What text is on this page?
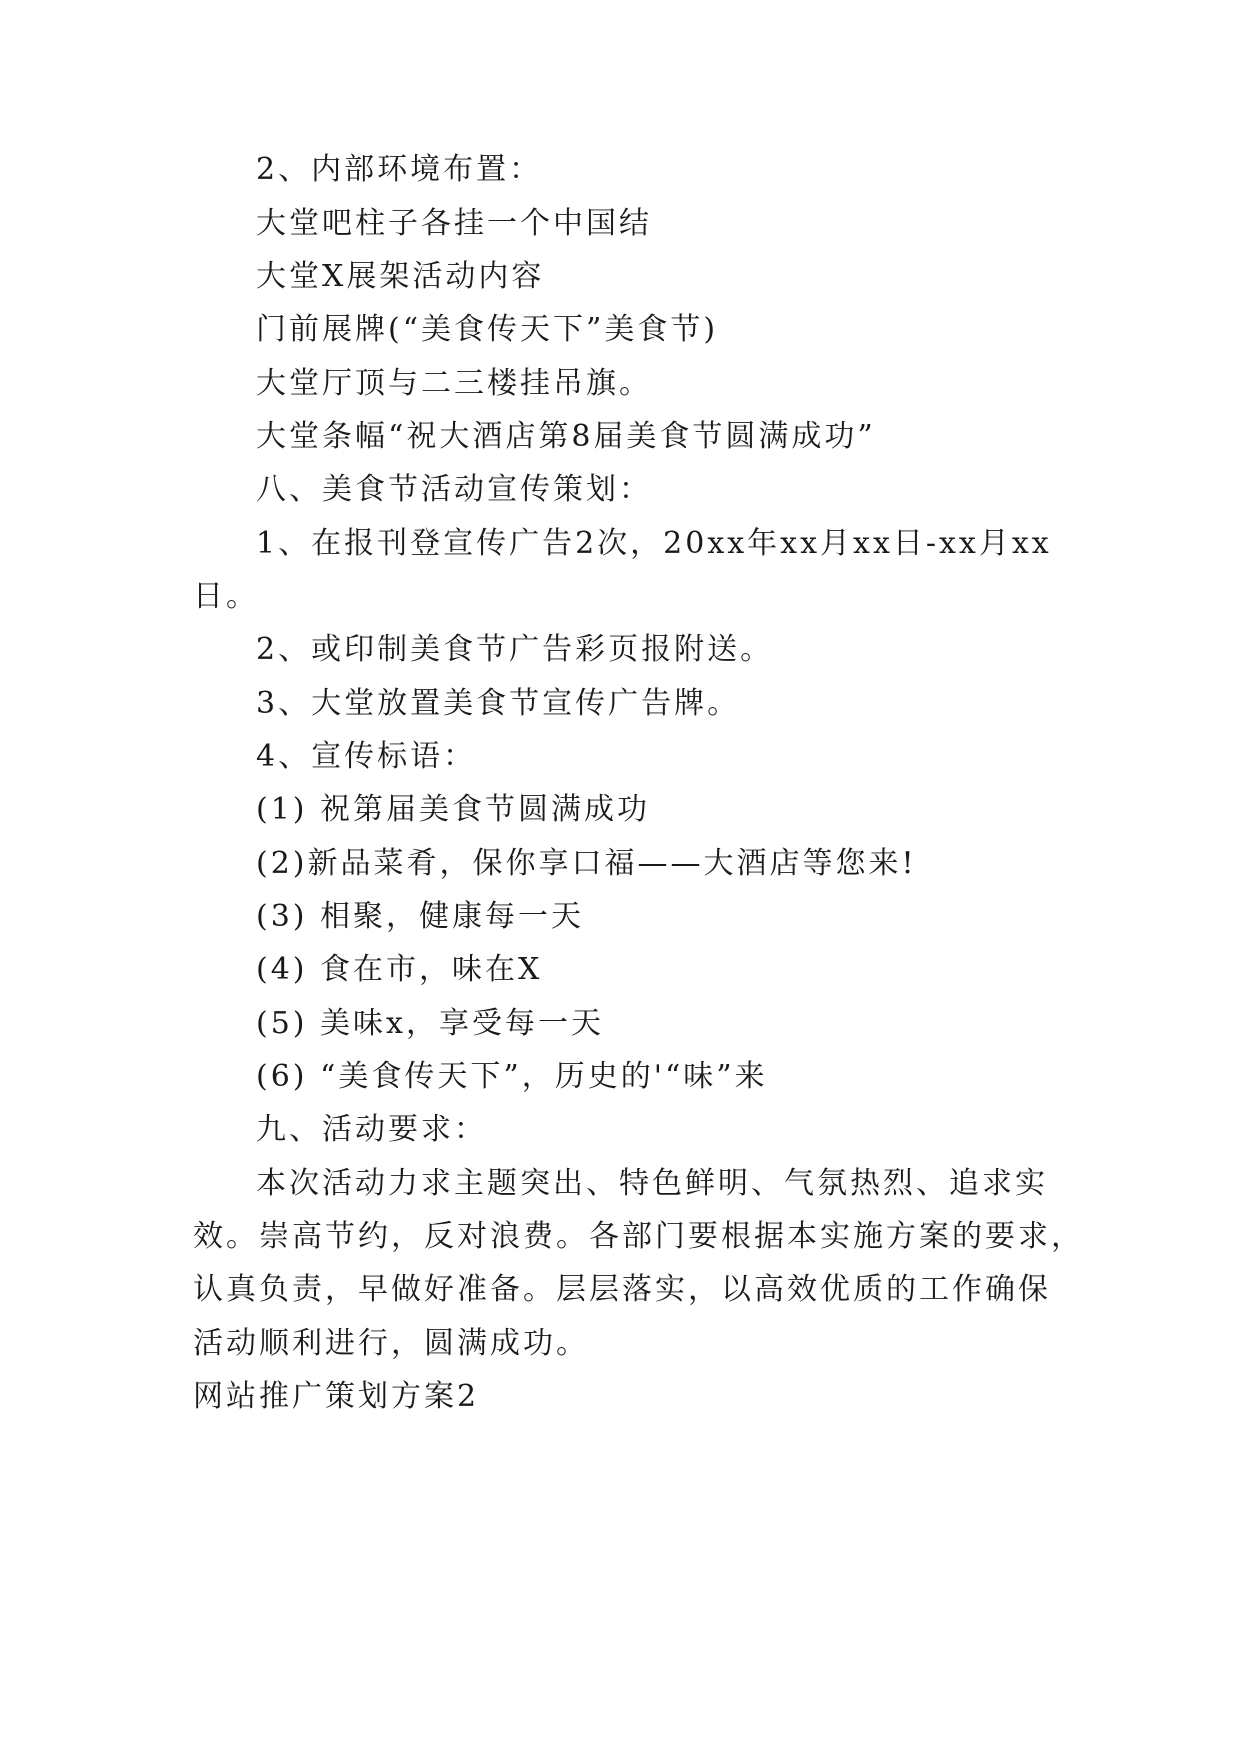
2、内部环境布置：
大堂吧柱子各挂一个中国结
大堂X展架活动内容
门前展牌(“美食传天下”美食节)
大堂厅顶与二三楼挂吊旗。
大堂条幅“祝大酒店第8届美食节圆满成功”
八、美食节活动宣传策划：
1、在报刊登宣传广告2次，20xx年xx月xx日-xx月xx
日。
2、或印制美食节广告彩页报附送。
3、大堂放置美食节宣传广告牌。
4、宣传标语：
(1) 祝第届美食节圆满成功
(2)新品菜肴，保你享口福——大酒店等您来!
(3) 相聚，健康每一天
(4) 食在市，味在X
(5) 美味x，享受每一天
(6) “美食传天下”，历史的'“味”来
九、活动要求：
本次活动力求主题突出、特色鲜明、气氛热烈、追求实
效。崇高节约，反对浪费。各部门要根据本实施方案的要求，
认真负责，早做好准备。层层落实，以高效优质的工作确保
活动顺利进行，圆满成功。
网站推广策划方案2
